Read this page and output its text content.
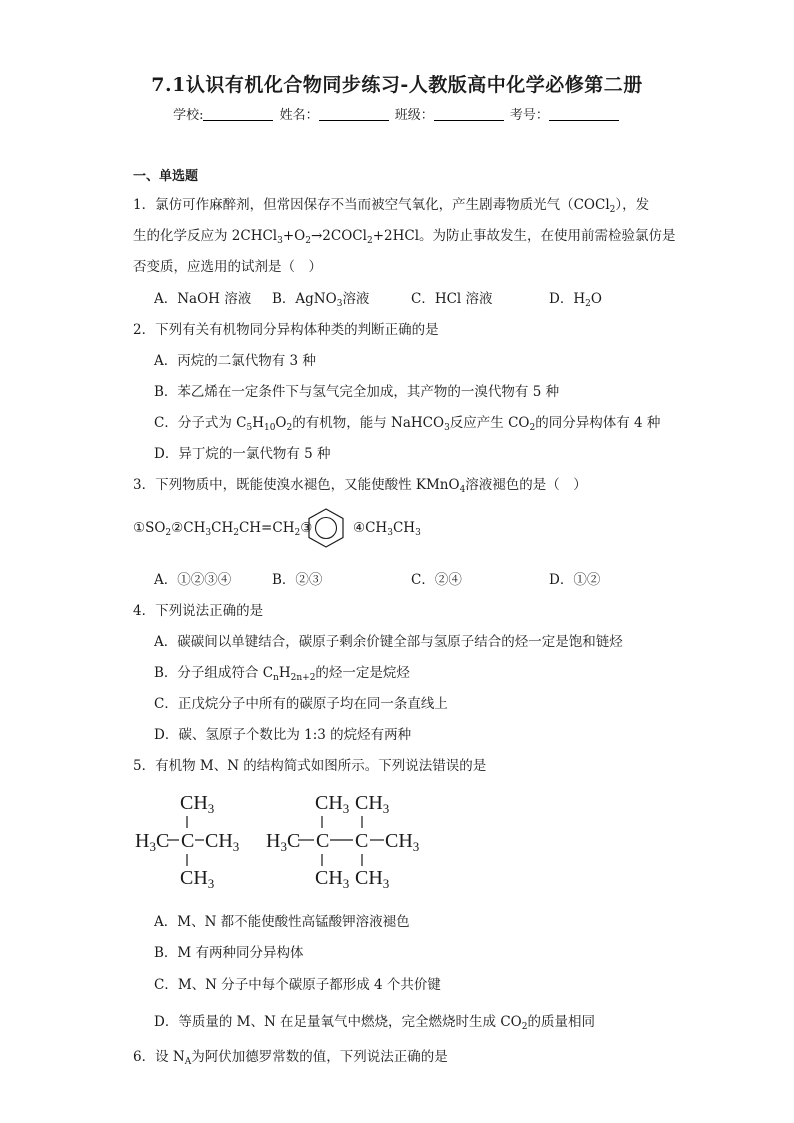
7.1认识有机化合物同步练习-人教版高中化学必修第二册
学校:	姓名：	班级：	考号：
一、单选题
1．氯仿可作麻醉剂，但常因保存不当而被空气氧化，产生剧毒物质光气（COCl$_2$），发
生的化学反应为 $2CHCl_3+O_2\to 2COCl_2+2HCl$。为防止事故发生，在使用前需检验氯仿是
否变质，应选用的试剂是（　）
A．NaOH 溶液 B．AgNO$_3$溶液	C．HCl 溶液	D．$H_2O$
2．下列有关有机物同分异构体种类的判断正确的是
A．丙烷的二氯代物有 3 种
B．苯乙烯在一定条件下与氢气完全加成，其产物的一溴代物有 5 种
C．分子式为 $C_5H_{10}O_2$的有机物，能与 NaHCO$_3$反应产生 $CO_2$的同分异构体有 4 种
D．异丁烷的一氯代物有 5 种
3．下列物质中，既能使溴水褪色，又能使酸性 KMnO$_4$溶液褪色的是（　）
$①SO_2②CH_3CH_2CH=CH_2③$	$④CH_3CH_3$
A．①②③④	B．②③	C．②④	D．①②
4．下列说法正确的是
A．碳碳间以单键结合，碳原子剩余价键全部与氢原子结合的烃一定是饱和链烃
B．分子组成符合 $C_nH_{2n+2}$的烃一定是烷烃
C．正戊烷分子中所有的碳原子均在同一条直线上
D．碳、氢原子个数比为 1:3 的烷烃有两种
5．有机物 M、N 的结构简式如图所示。下列说法错误的是
$CH_3$
$H_3C$ C $CH_3$
$CH_3$
$CH_3$ $CH_3$
$H_3C$ C C $CH_3$
$CH_3$ $CH_3$
A．M、N 都不能使酸性高锰酸钾溶液褪色
B．M 有两种同分异构体
C．M、N 分子中每个碳原子都形成 4 个共价键
D．等质量的 M、N 在足量氧气中燃烧，完全燃烧时生成 $CO_2$的质量相同
6．设 $N_A$为阿伏加德罗常数的值，下列说法正确的是
